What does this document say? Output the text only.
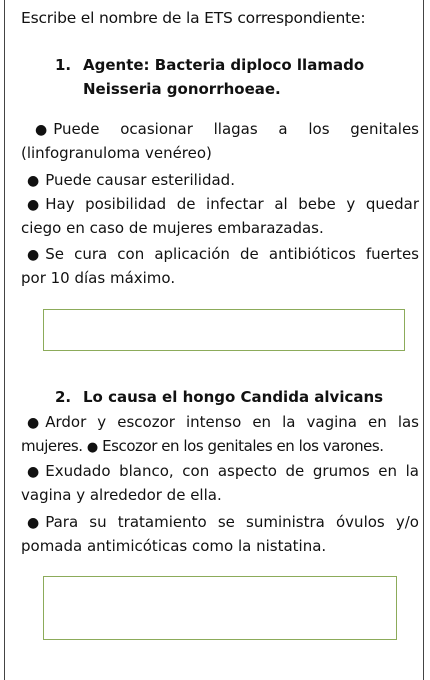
Escribe el nombre de la ETS correspondiente:
1. Agente: Bacteria diploco llamado
Neisseria gonorrhoeae.
● Puede ocasionar llagas a los genitales
(linfogranuloma venéreo)
● Puede causar esterilidad.
● Hay posibilidad de infectar al bebe y quedar
ciego en caso de mujeres embarazadas.
● Se cura con aplicación de antibióticos fuertes
por 10 días máximo.
2. Lo causa el hongo Candida alvicans
● Ardor y escozor intenso en la vagina en las
mujeres. ● Escozor en los genitales en los varones.
● Exudado blanco, con aspecto de grumos en la
vagina y alrededor de ella.
● Para su tratamiento se suministra óvulos y/o
pomada antimicóticas como la nistatina.
